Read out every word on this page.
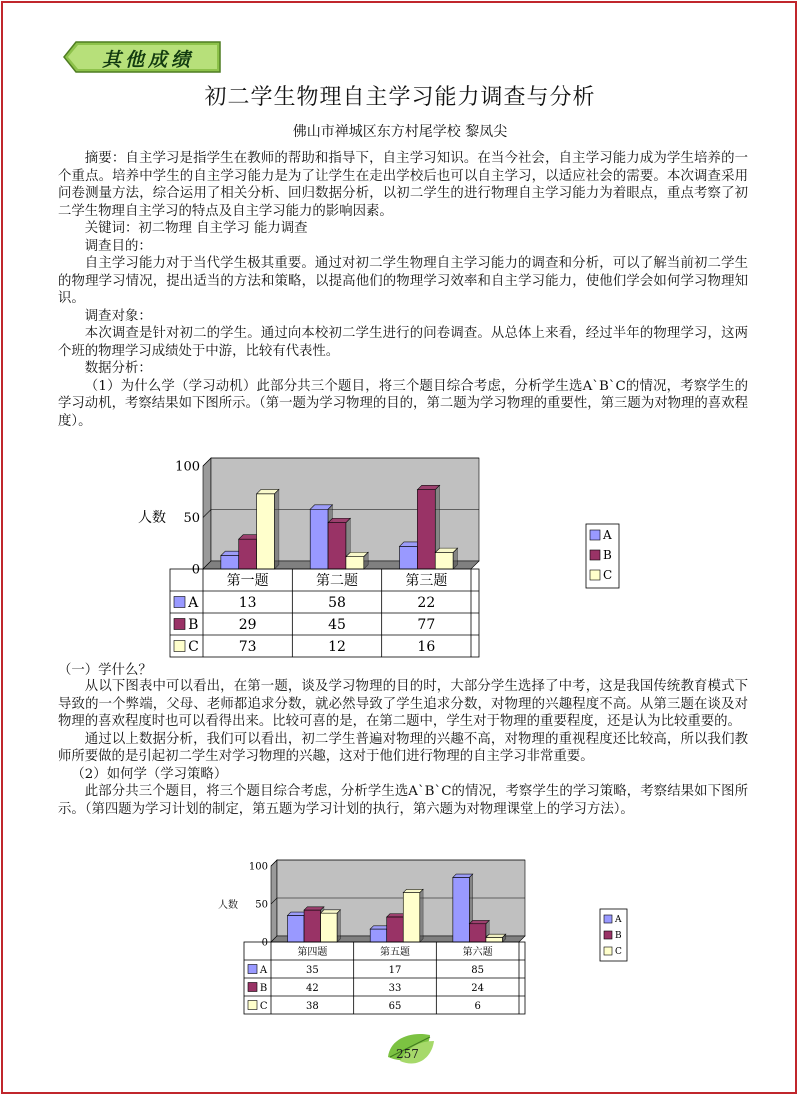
其他成绩
初二学生物理自主学习能力调查与分析
佛山市禅城区东方村尾学校 黎凤尖

摘要：自主学习是指学生在教师的帮助和指导下，自主学习知识。在当今社会，自主学习能力成为学生培养的一个重点。培养中学生的自主学习能力是为了让学生在走出学校后也可以自主学习，以适应社会的需要。本次调查采用问卷测量方法，综合运用了相关分析、回归数据分析，以初二学生的进行物理自主学习能力为着眼点，重点考察了初二学生物理自主学习的特点及自主学习能力的影响因素。

关键词：初二物理 自主学习 能力调查

调查目的：

自主学习能力对于当代学生极其重要。通过对初二学生物理自主学习能力的调查和分析，可以了解当前初二学生的物理学习情况，提出适当的方法和策略，以提高他们的物理学习效率和自主学习能力，使他们学会如何学习物理知识。

调查对象：

本次调查是针对初二的学生。通过向本校初二学生进行的问卷调查。从总体上来看，经过半年的物理学习，这两个班的物理学习成绩处于中游，比较有代表性。

数据分析：

（1）为什么学（学习动机）此部分共三个题目，将三个题目综合考虑，分析学生选A`B`C的情况，考察学生的学习动机，考察结果如下图所示。（第一题为学习物理的目的，第二题为学习物理的重要性，第三题为对物理的喜欢程度）。

0
50
100
人数
第一题	第二题	第三题
A	13	58	22
B	29	45	77
C	73	12	16
A
B
C
（一）学什么？

从以下图表中可以看出，在第一题，谈及学习物理的目的时，大部分学生选择了中考，这是我国传统教育模式下导致的一个弊端，父母、老师都追求分数，就必然导致了学生追求分数，对物理的兴趣程度不高。从第三题在谈及对物理的喜欢程度时也可以看得出来。比较可喜的是，在第二题中，学生对于物理的重要程度，还是认为比较重要的。

通过以上数据分析，我们可以看出，初二学生普遍对物理的兴趣不高，对物理的重视程度还比较高，所以我们教师所要做的是引起初二学生对学习物理的兴趣，这对于他们进行物理的自主学习非常重要。

（2）如何学（学习策略）

此部分共三个题目，将三个题目综合考虑，分析学生选A`B`C的情况，考察学生的学习策略，考察结果如下图所示。（第四题为学习计划的制定，第五题为学习计划的执行，第六题为对物理课堂上的学习方法）。

0
50
100
人数
第四题	第五题	第六题
A	35	17	85
B	42	33	24
C	38	65	6
A
B
C
257
